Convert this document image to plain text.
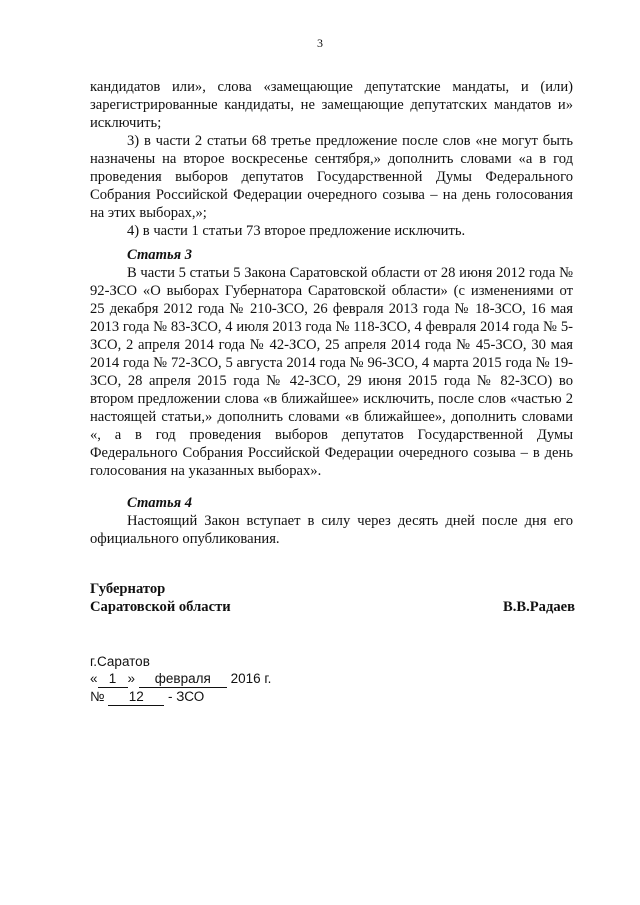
3

кандидатов или», слова «замещающие депутатские мандаты, и (или) зарегистрированные кандидаты, не замещающие депутатских мандатов и» исключить;

3) в части 2 статьи 68 третье предложение после слов «не могут быть назначены на второе воскресенье сентября,» дополнить словами «а в год проведения выборов депутатов Государственной Думы Федерального Собрания Российской Федерации очередного созыва – на день голосования на этих выборах,»;

4) в части 1 статьи 73 второе предложение исключить.

Статья 3

В части 5 статьи 5 Закона Саратовской области от 28 июня 2012 года № 92-ЗСО «О выборах Губернатора Саратовской области» (с изменениями от 25 декабря 2012 года № 210-ЗСО, 26 февраля 2013 года № 18-ЗСО, 16 мая 2013 года № 83-ЗСО, 4 июля 2013 года № 118-ЗСО, 4 февраля 2014 года № 5-ЗСО, 2 апреля 2014 года № 42-ЗСО, 25 апреля 2014 года № 45-ЗСО, 30 мая 2014 года № 72-ЗСО, 5 августа 2014 года № 96-ЗСО, 4 марта 2015 года № 19-ЗСО, 28 апреля 2015 года № 42-ЗСО, 29 июня 2015 года № 82-ЗСО) во втором предложении слова «в ближайшее» исключить, после слов «частью 2 настоящей статьи,» дополнить словами «в ближайшее», дополнить словами «, а в год проведения выборов депутатов Государственной Думы Федерального Собрания Российской Федерации очередного созыва – в день голосования на указанных выборах».

Статья 4

Настоящий Закон вступает в силу через десять дней после дня его официального опубликования.

Губернатор
Саратовской области	В.В.Радаев
г.Саратов
« 1 » февраля 2016 г.
№ 12 - ЗСО
